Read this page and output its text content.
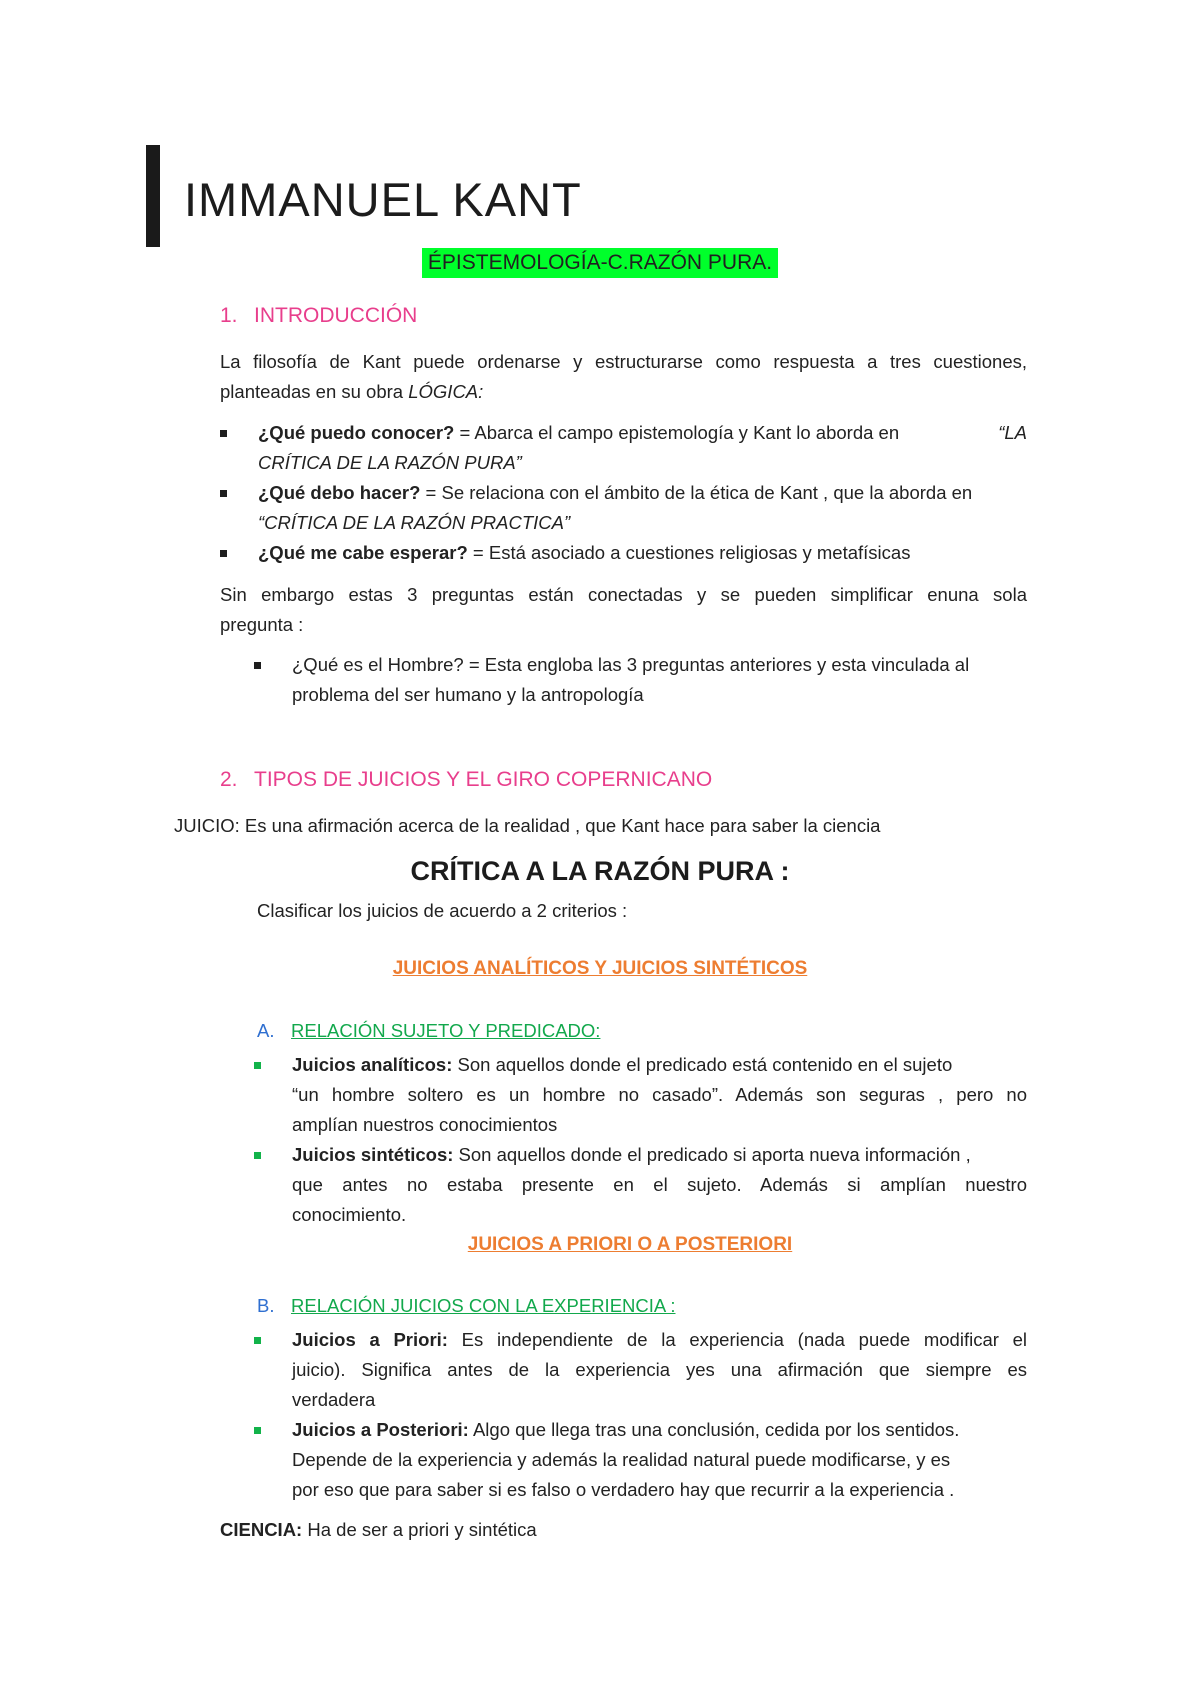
IMMANUEL KANT
ÉPISTEMOLOGÍA-C.RAZÓN PURA.
1. INTRODUCCIÓN
La filosofía de Kant puede ordenarse y estructurarse como respuesta a tres cuestiones,
planteadas en su obra LÓGICA:
¿Qué puedo conocer? = Abarca el campo epistemología y Kant lo aborda en	“LA
CRÍTICA DE LA RAZÓN PURA”
¿Qué debo hacer? = Se relaciona con el ámbito de la ética de Kant , que la aborda en
“CRÍTICA DE LA RAZÓN PRACTICA”
¿Qué me cabe esperar? = Está asociado a cuestiones religiosas y metafísicas
Sin embargo estas 3 preguntas están conectadas y se pueden simplificar enuna sola
pregunta :
¿Qué es el Hombre? = Esta engloba las 3 preguntas anteriores y esta vinculada al
problema del ser humano y la antropología
2. TIPOS DE JUICIOS Y EL GIRO COPERNICANO
JUICIO: Es una afirmación acerca de la realidad , que Kant hace para saber la ciencia
CRÍTICA A LA RAZÓN PURA :
Clasificar los juicios de acuerdo a 2 criterios :
JUICIOS ANALÍTICOS Y JUICIOS SINTÉTICOS
A. RELACIÓN SUJETO Y PREDICADO:
Juicios analíticos: Son aquellos donde el predicado está contenido en el sujeto
“un hombre soltero es un hombre no casado”. Además son seguras , pero no
amplían nuestros conocimientos
Juicios sintéticos: Son aquellos donde el predicado si aporta nueva información ,
que antes no estaba presente en el sujeto. Además si amplían nuestro
conocimiento.
JUICIOS A PRIORI O A POSTERIORI
B. RELACIÓN JUICIOS CON LA EXPERIENCIA :
Juicios a Priori: Es independiente de la experiencia (nada puede modificar el
juicio). Significa antes de la experiencia yes una afirmación que siempre es
verdadera
Juicios a Posteriori: Algo que llega tras una conclusión, cedida por los sentidos.
Depende de la experiencia y además la realidad natural puede modificarse, y es
por eso que para saber si es falso o verdadero hay que recurrir a la experiencia .
CIENCIA: Ha de ser a priori y sintética
